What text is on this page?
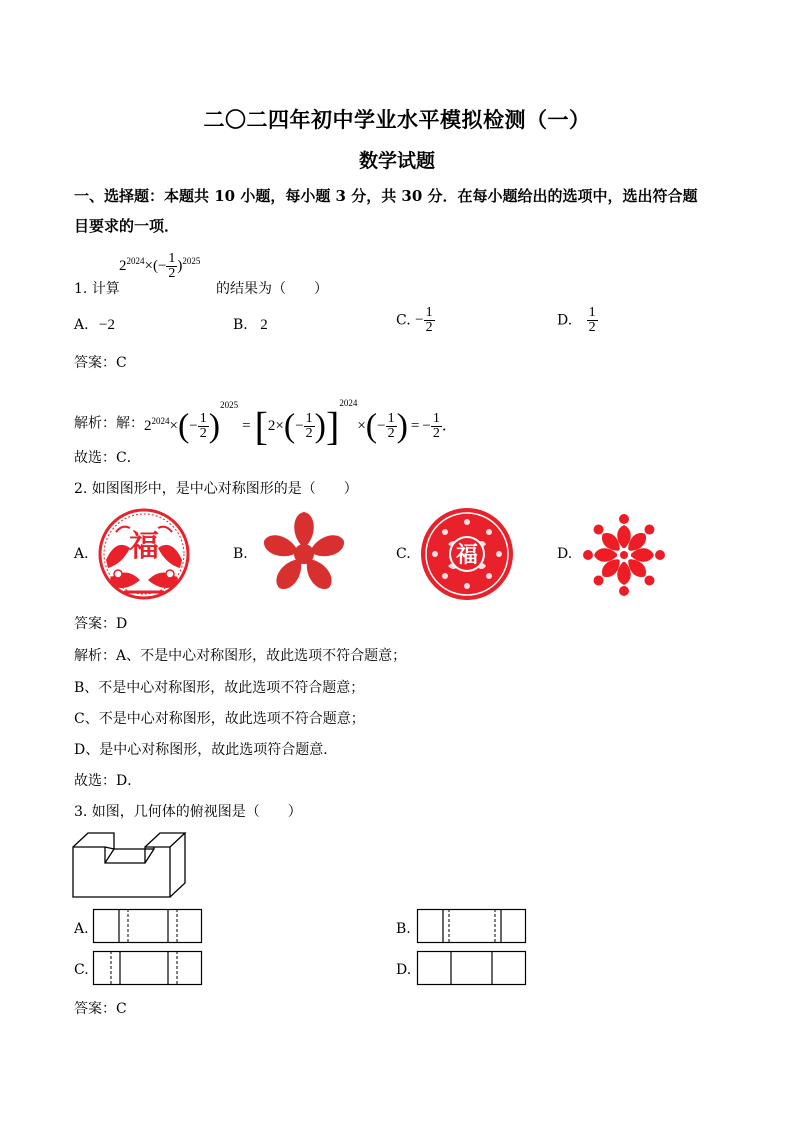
二〇二四年初中学业水平模拟检测（一）
数学试题
一、选择题：本题共 10 小题，每小题 3 分，共 30 分．在每小题给出的选项中，选出符合题
目要求的一项．
1. 计算
$2^{2024}\times(- \frac{1}{2} )^{2025}$
的结果为（　　）
A. −2	B. 2	C. − $\frac{1}{2}$	D. $\frac{1}{2}$
答案：C
解析：解：$2^{2024}\times(- \frac{1}{2} )^{2025}= [2\times(- \frac{1}{2} )]^{2024}\times(- \frac{1}{2}$ ) = − $\frac{1}{2}$ ．
故选：C．
2. 如图图形中，是中心对称图形的是（　　）
A.	B.	C.	D.
福	福
答案：D
解析：A、不是中心对称图形，故此选项不符合题意；
B、不是中心对称图形，故此选项不符合题意；
C、不是中心对称图形，故此选项不符合题意；
D、是中心对称图形，故此选项符合题意．
故选：D．
3. 如图，几何体的俯视图是（　　）
A.	B.
C.	D.
答案：C
